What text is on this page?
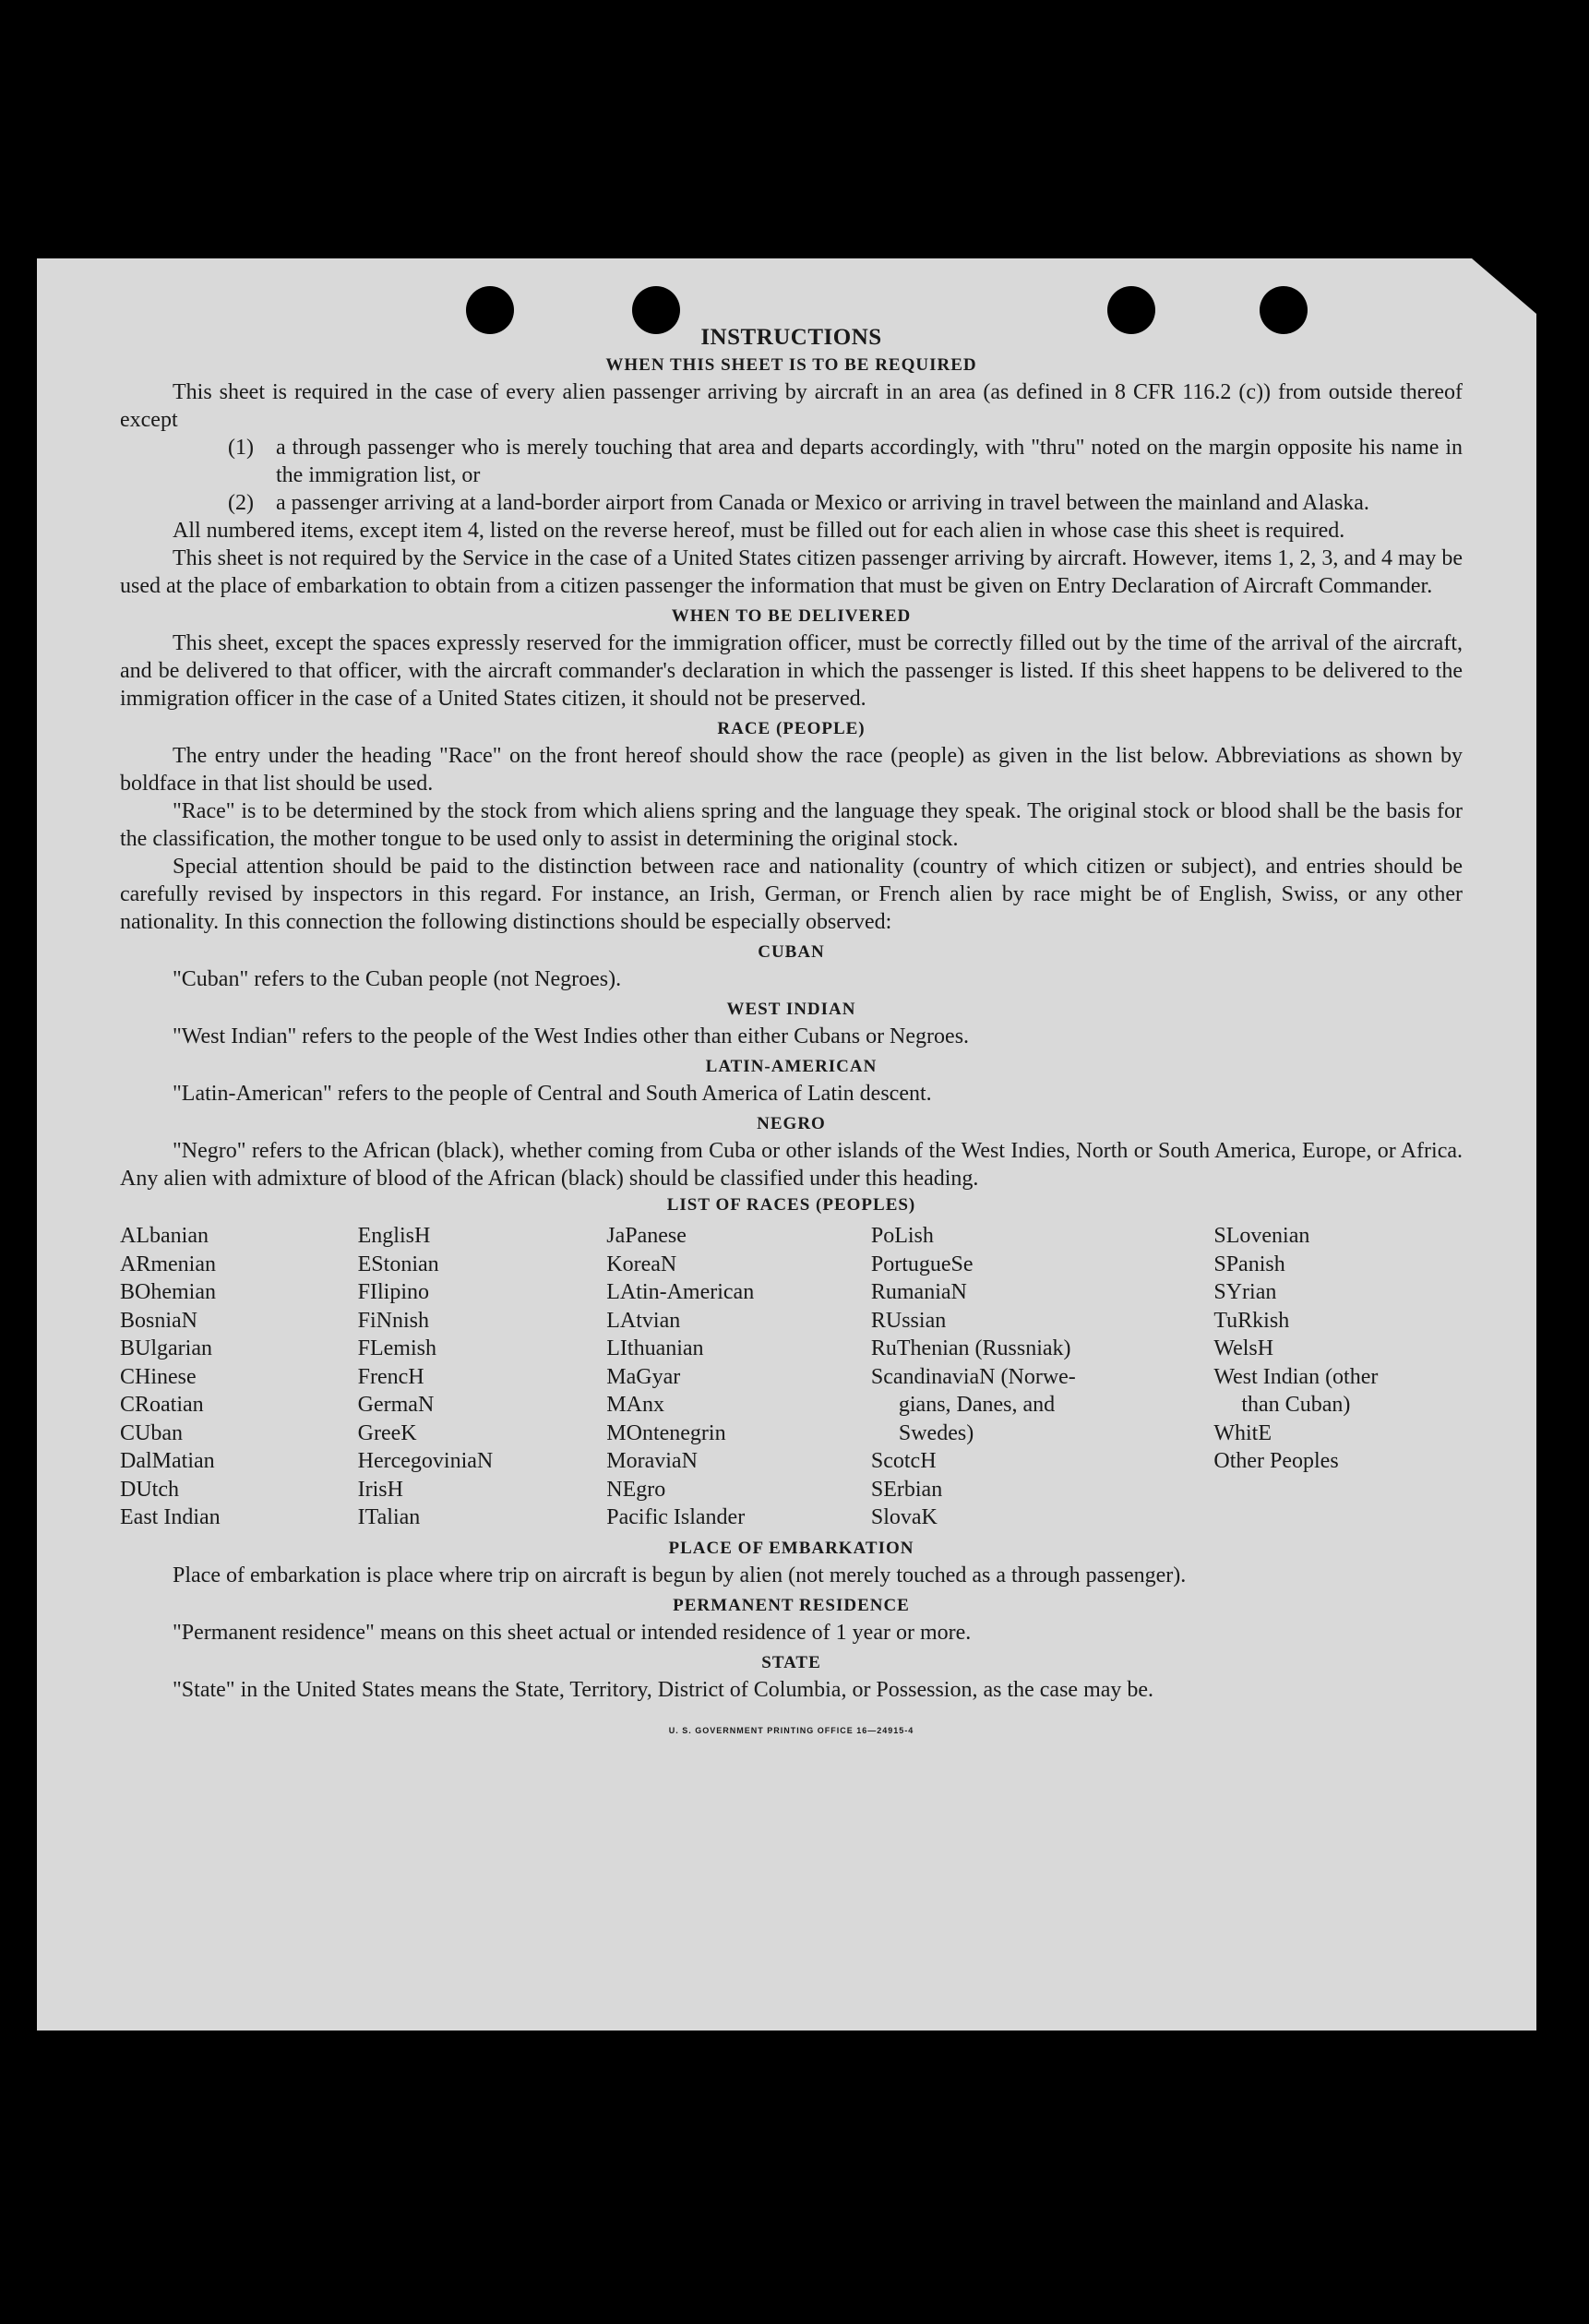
INSTRUCTIONS
WHEN THIS SHEET IS TO BE REQUIRED

This sheet is required in the case of every alien passenger arriving by aircraft in an area (as defined in 8 CFR 116.2 (c)) from outside thereof except

(1)	a through passenger who is merely touching that area and departs accordingly, with "thru" noted on the margin opposite his name in the immigration list, or
(2)	a passenger arriving at a land-border airport from Canada or Mexico or arriving in travel between the mainland and Alaska.

All numbered items, except item 4, listed on the reverse hereof, must be filled out for each alien in whose case this sheet is required.

This sheet is not required by the Service in the case of a United States citizen passenger arriving by aircraft. However, items 1, 2, 3, and 4 may be used at the place of embarkation to obtain from a citizen passenger the information that must be given on Entry Declaration of Aircraft Commander.

WHEN TO BE DELIVERED

This sheet, except the spaces expressly reserved for the immigration officer, must be correctly filled out by the time of the arrival of the aircraft, and be delivered to that officer, with the aircraft commander's declaration in which the passenger is listed. If this sheet happens to be delivered to the immigration officer in the case of a United States citizen, it should not be preserved.

RACE (PEOPLE)

The entry under the heading "Race" on the front hereof should show the race (people) as given in the list below. Abbreviations as shown by boldface in that list should be used.

"Race" is to be determined by the stock from which aliens spring and the language they speak. The original stock or blood shall be the basis for the classification, the mother tongue to be used only to assist in determining the original stock.

Special attention should be paid to the distinction between race and nationality (country of which citizen or subject), and entries should be carefully revised by inspectors in this regard. For instance, an Irish, German, or French alien by race might be of English, Swiss, or any other nationality. In this connection the following distinctions should be especially observed:

CUBAN

"Cuban" refers to the Cuban people (not Negroes).

WEST INDIAN

"West Indian" refers to the people of the West Indies other than either Cubans or Negroes.

LATIN-AMERICAN

"Latin-American" refers to the people of Central and South America of Latin descent.

NEGRO

"Negro" refers to the African (black), whether coming from Cuba or other islands of the West Indies, North or South America, Europe, or Africa. Any alien with admixture of blood of the African (black) should be classified under this heading.

LIST OF RACES (PEOPLES)
ALbanian
ARmenian
BOhemian
BosniaN
BUlgarian
CHinese
CRoatian
CUban
DalMatian
DUtch
East Indian
EnglisH
EStonian
FIlipino
FiNnish
FLemish
FrencH
GermaN
GreeK
HercegoviniaN
IrisH
ITalian
JaPanese
KoreaN
LAtin-American
LAtvian
LIthuanian
MaGyar
MAnx
MOntenegrin
MoraviaN
NEgro
Pacific Islander
PoLish
PortugueSe
RumaniaN
RUssian
RuThenian (Russniak)
ScandinaviaN (Norwe-
gians, Danes, and
Swedes)
ScotcH
SErbian
SlovaK
SLovenian
SPanish
SYrian
TuRkish
WelsH
West Indian (other
than Cuban)
WhitE
Other Peoples
PLACE OF EMBARKATION

Place of embarkation is place where trip on aircraft is begun by alien (not merely touched as a through passenger).

PERMANENT RESIDENCE

"Permanent residence" means on this sheet actual or intended residence of 1 year or more.

STATE

"State" in the United States means the State, Territory, District of Columbia, or Possession, as the case may be.

U. S. GOVERNMENT PRINTING OFFICE 16—24915-4
